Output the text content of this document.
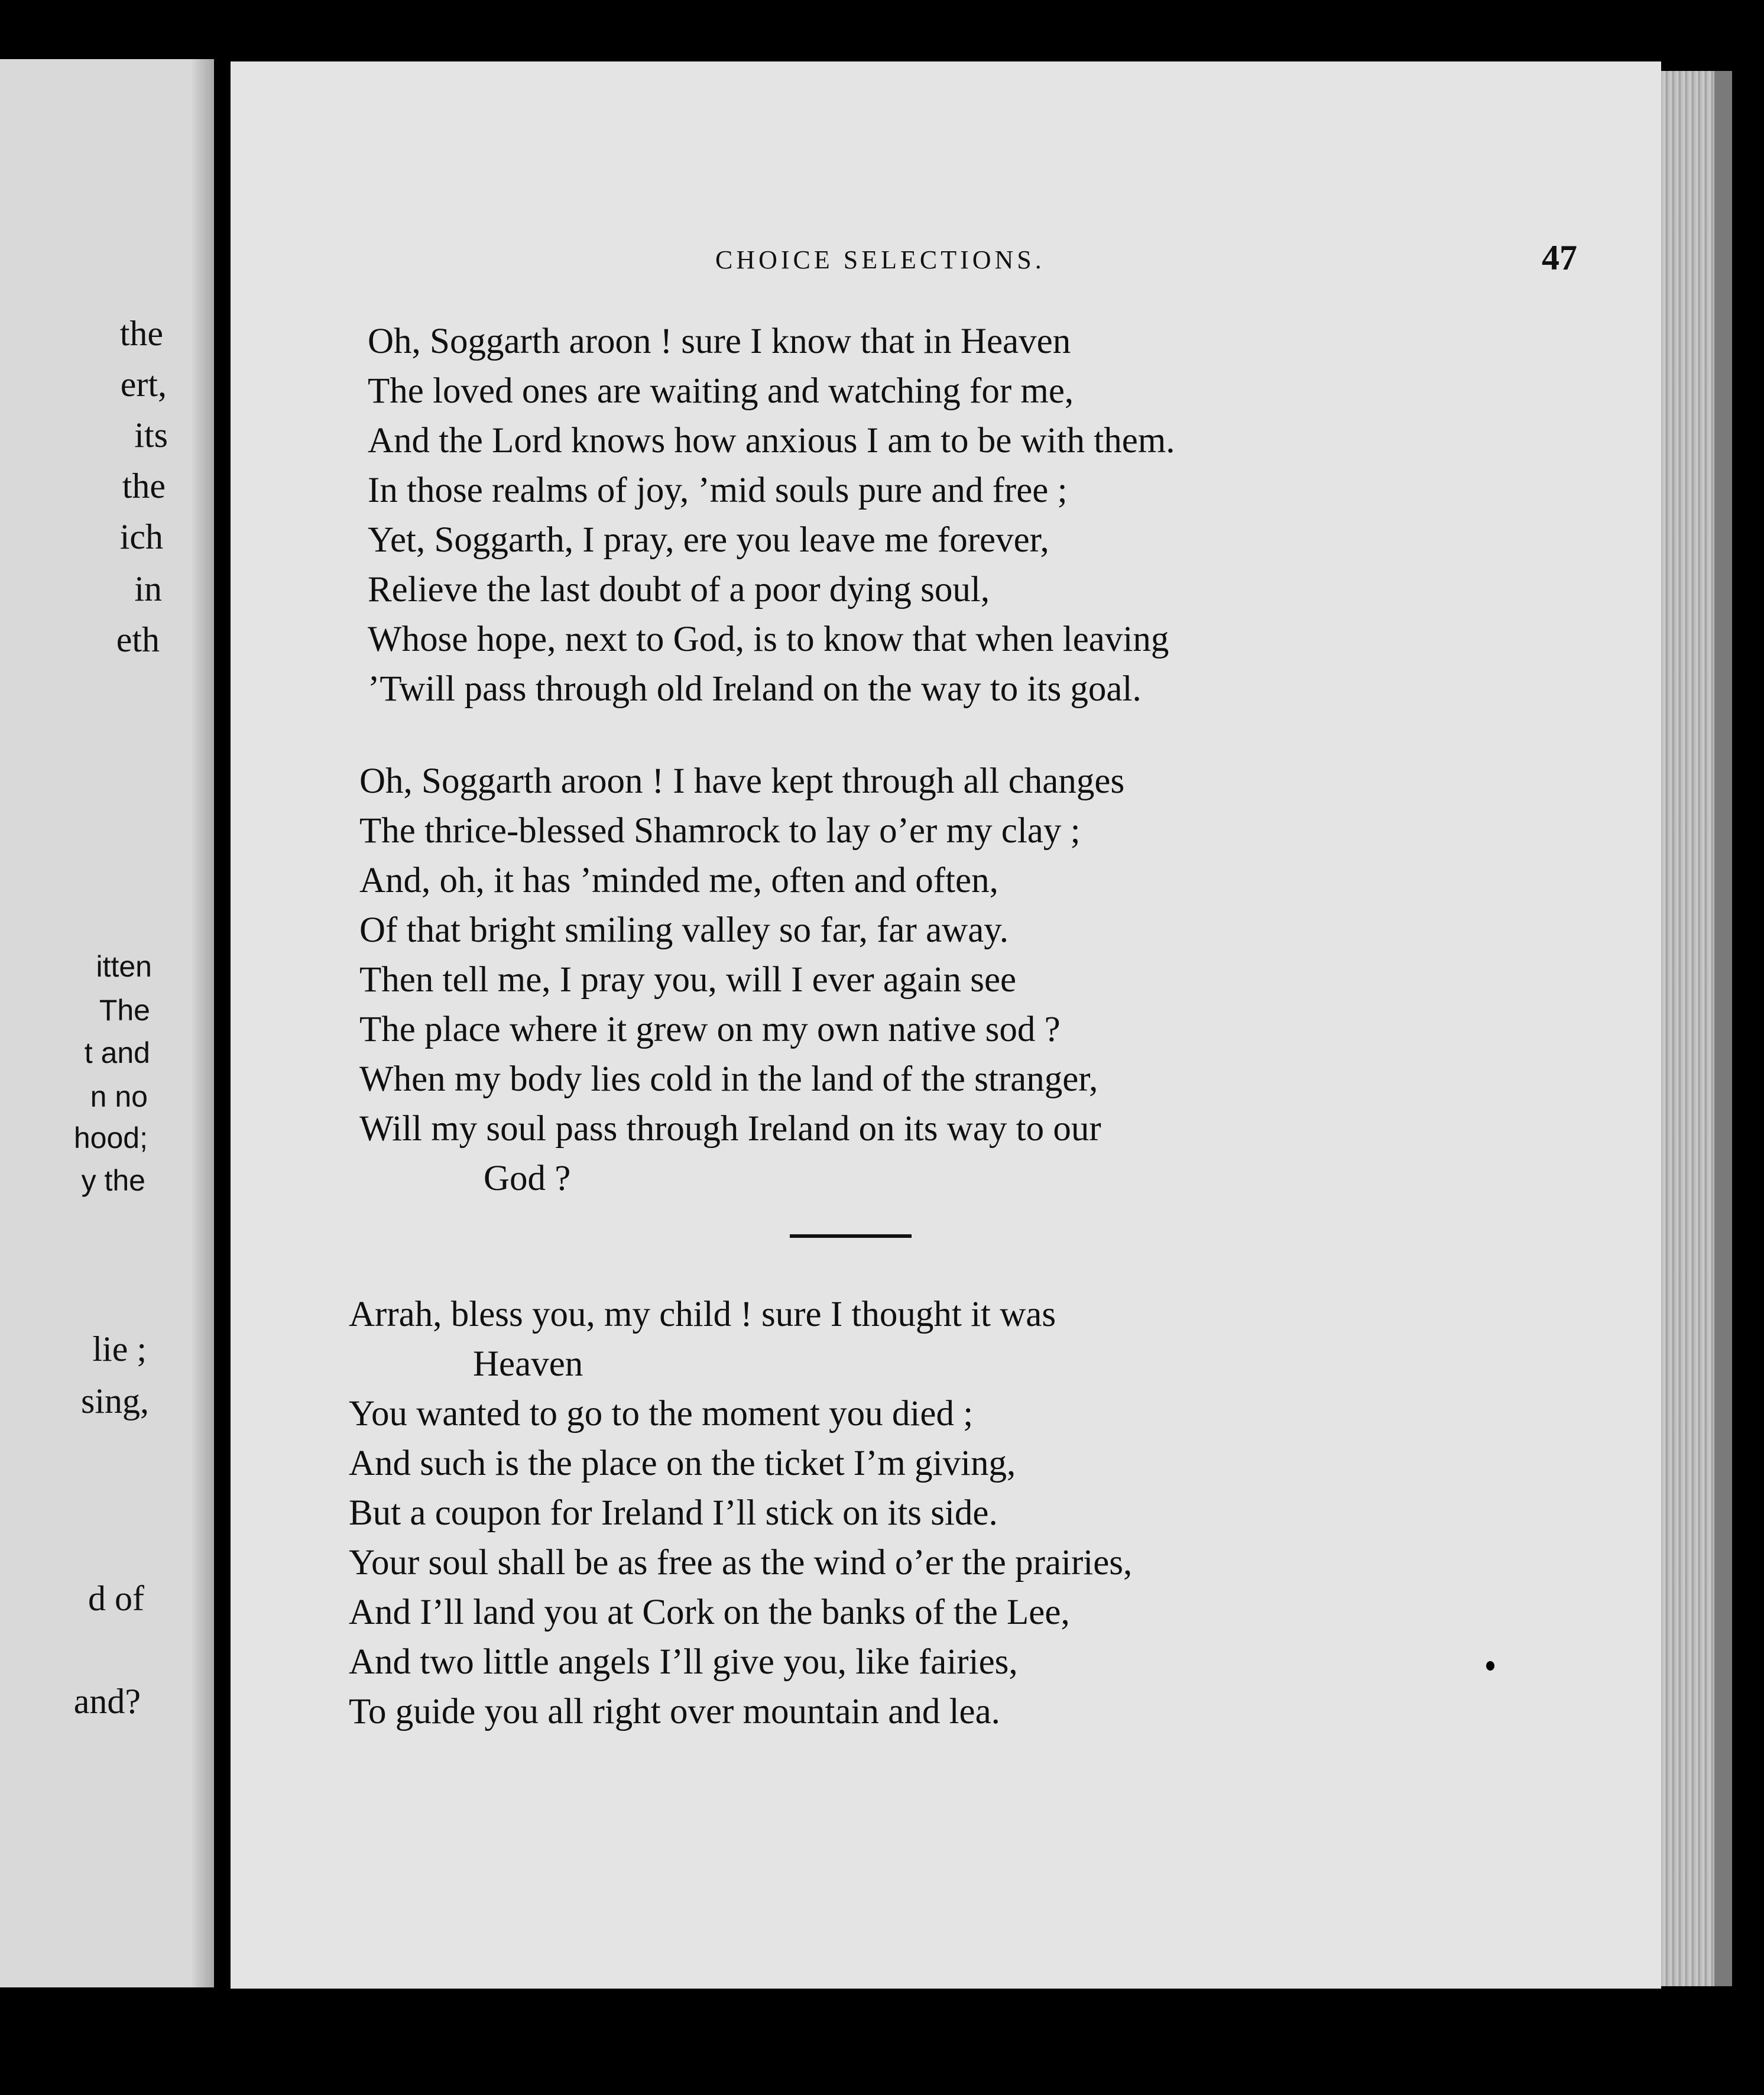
the
ert,
its
the
ich
in
eth
itten
The
t and
n no
hood;
y the
lie ;
sing,
d of
and?
CHOICE SELECTIONS.	47
Oh, Soggarth aroon ! sure I know that in Heaven
The loved ones are waiting and watching for me,
And the Lord knows how anxious I am to be with them.
In those realms of joy, ’mid souls pure and free ;
Yet, Soggarth, I pray, ere you leave me forever,
Relieve the last doubt of a poor dying soul,
Whose hope, next to God, is to know that when leaving
’Twill pass through old Ireland on the way to its goal.
Oh, Soggarth aroon ! I have kept through all changes
The thrice-blessed Shamrock to lay o’er my clay ;
And, oh, it has ’minded me, often and often,
Of that bright smiling valley so far, far away.
Then tell me, I pray you, will I ever again see
The place where it grew on my own native sod ?
When my body lies cold in the land of the stranger,
Will my soul pass through Ireland on its way to our
God ?
Arrah, bless you, my child ! sure I thought it was
Heaven
You wanted to go to the moment you died ;
And such is the place on the ticket I’m giving,
But a coupon for Ireland I’ll stick on its side.
Your soul shall be as free as the wind o’er the prairies,
And I’ll land you at Cork on the banks of the Lee,
And two little angels I’ll give you, like fairies,
To guide you all right over mountain and lea.
